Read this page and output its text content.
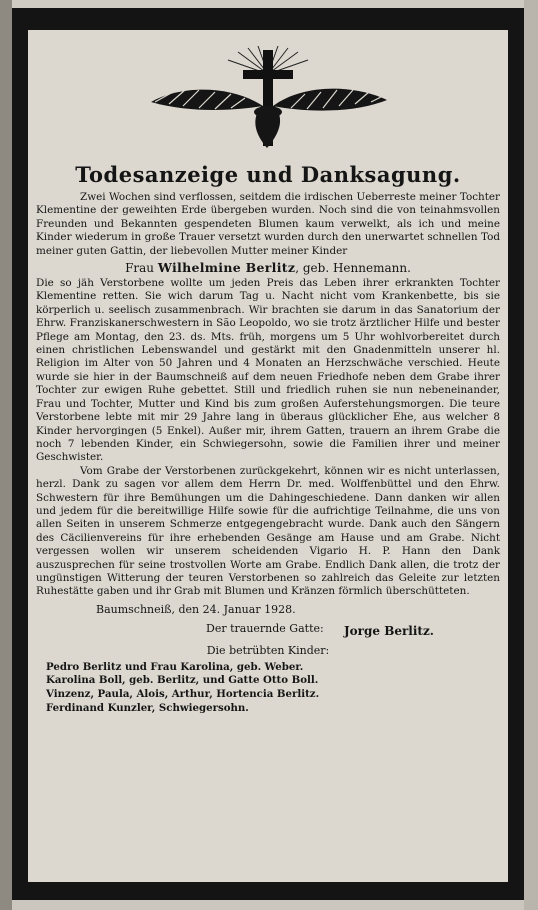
Todesanzeige und Danksagung.

Zwei Wochen sind verflossen, seitdem die irdischen Ueberreste meiner Tochter Klementine der geweihten Erde übergeben wurden. Noch sind die von teinahmsvollen Freunden und Bekannten gespendeten Blumen kaum verwelkt, als ich und meine Kinder wiederum in große Trauer versetzt wurden durch den unerwartet schnellen Tod meiner guten Gattin, der liebevollen Mutter meiner Kinder

Frau Wilhelmine Berlitz, geb. Hennemann.

Die so jäh Verstorbene wollte um jeden Preis das Leben ihrer erkrankten Tochter Klementine retten. Sie wich darum Tag u. Nacht nicht vom Krankenbette, bis sie körperlich u. seelisch zusammenbrach. Wir brachten sie darum in das Sanatorium der Ehrw. Franziskanerschwestern in São Leopoldo, wo sie trotz ärztlicher Hilfe und bester Pflege am Montag, den 23. ds. Mts. früh, morgens um 5 Uhr wohlvorbereitet durch einen christlichen Lebenswandel und gestärkt mit den Gnadenmitteln unserer hl. Religion im Alter von 50 Jahren und 4 Monaten an Herzschwäche verschied. Heute wurde sie hier in der Baumschneiß auf dem neuen Friedhofe neben dem Grabe ihrer Tochter zur ewigen Ruhe gebettet. Still und friedlich ruhen sie nun nebeneinander, Frau und Tochter, Mutter und Kind bis zum großen Auferstehungsmorgen. Die teure Verstorbene lebte mit mir 29 Jahre lang in überaus glücklicher Ehe, aus welcher 8 Kinder hervorgingen (5 Enkel). Außer mir, ihrem Gatten, trauern an ihrem Grabe die noch 7 lebenden Kinder, ein Schwiegersohn, sowie die Familien ihrer und meiner Geschwister.

Vom Grabe der Verstorbenen zurückgekehrt, können wir es nicht unterlassen, herzl. Dank zu sagen vor allem dem Herrn Dr. med. Wolffenbüttel und den Ehrw. Schwestern für ihre Bemühungen um die Dahingeschiedene. Dann danken wir allen und jedem für die bereitwillige Hilfe sowie für die aufrichtige Teilnahme, die uns von allen Seiten in unserem Schmerze entgegengebracht wurde. Dank auch den Sängern des Cäcilienvereins für ihre erhebenden Gesänge am Hause und am Grabe. Nicht vergessen wollen wir unserem scheidenden Vigario H. P. Hann den Dank auszusprechen für seine trostvollen Worte am Grabe. Endlich Dank allen, die trotz der ungünstigen Witterung der teuren Verstorbenen so zahlreich das Geleite zur letzten Ruhestätte gaben und ihr Grab mit Blumen und Kränzen förmlich überschütteten.

Baumschneiß, den 24. Januar 1928.
Der trauernde Gatte: Jorge Berlitz.
Die betrübten Kinder:
Pedro Berlitz und Frau Karolina, geb. Weber.
Karolina Boll, geb. Berlitz, und Gatte Otto Boll.
Vinzenz, Paula, Alois, Arthur, Hortencia Berlitz.
Ferdinand Kunzler, Schwiegersohn.
